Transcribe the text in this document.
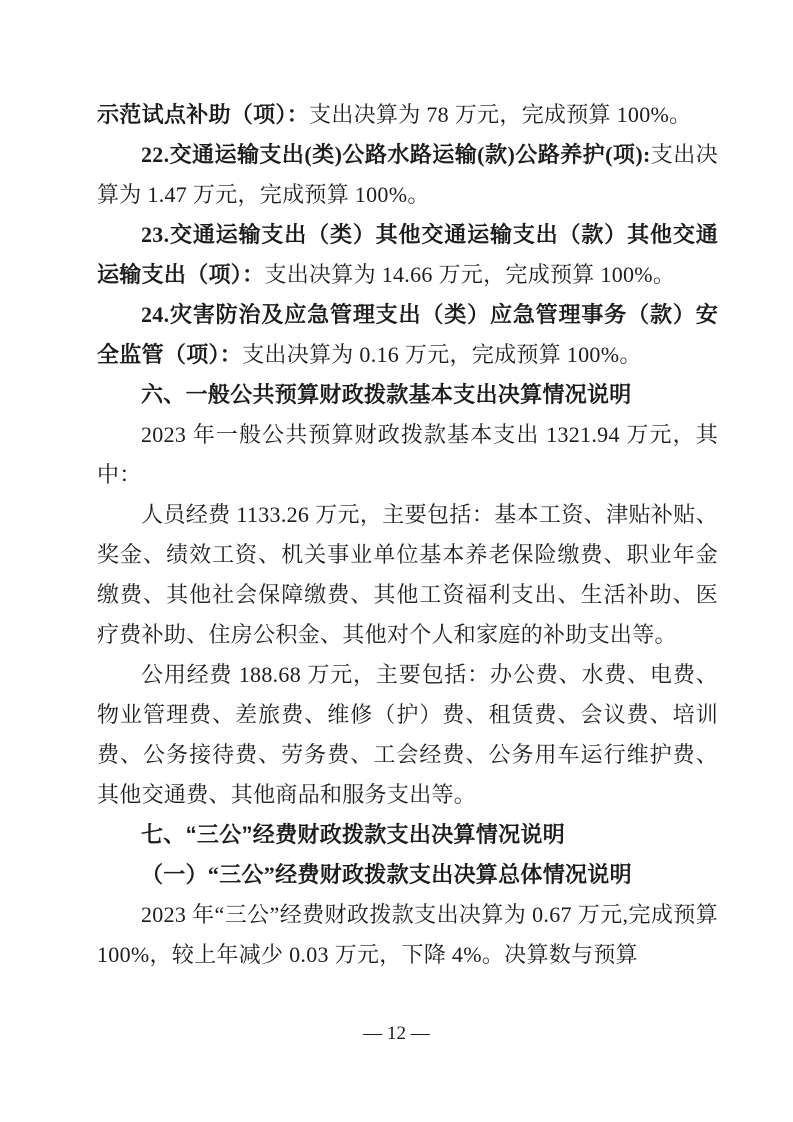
示范试点补助（项）：支出决算为 78 万元，完成预算 100%。

22.交通运输支出(类)公路水路运输(款)公路养护(项):支出决算为 1.47 万元，完成预算 100%。

23.交通运输支出（类）其他交通运输支出（款）其他交通运输支出（项）：支出决算为 14.66 万元，完成预算 100%。

24.灾害防治及应急管理支出（类）应急管理事务（款）安全监管（项）：支出决算为 0.16 万元，完成预算 100%。

六、一般公共预算财政拨款基本支出决算情况说明

2023 年一般公共预算财政拨款基本支出 1321.94 万元，其中：

人员经费 1133.26 万元，主要包括：基本工资、津贴补贴、奖金、绩效工资、机关事业单位基本养老保险缴费、职业年金缴费、其他社会保障缴费、其他工资福利支出、生活补助、医疗费补助、住房公积金、其他对个人和家庭的补助支出等。

公用经费 188.68 万元，主要包括：办公费、水费、电费、物业管理费、差旅费、维修（护）费、租赁费、会议费、培训费、公务接待费、劳务费、工会经费、公务用车运行维护费、其他交通费、其他商品和服务支出等。

七、“三公”经费财政拨款支出决算情况说明

（一）“三公”经费财政拨款支出决算总体情况说明

2023 年“三公”经费财政拨款支出决算为 0.67 万元,完成预算 100%，较上年减少 0.03 万元，下降 4%。决算数与预算

— 12 —
